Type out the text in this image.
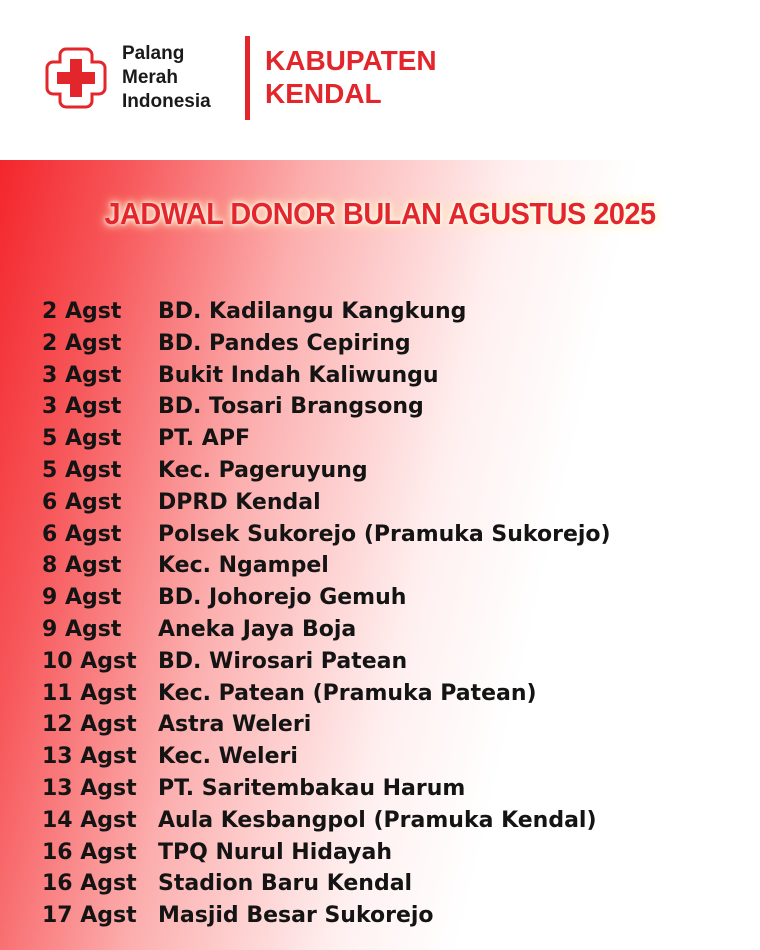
Palang
Merah
Indonesia
KABUPATEN
KENDAL
JADWAL DONOR BULAN AGUSTUS 2025
2 Agst BD. Kadilangu Kangkung
2 Agst BD. Pandes Cepiring
3 Agst Bukit Indah Kaliwungu
3 Agst BD. Tosari Brangsong
5 Agst PT. APF
5 Agst Kec. Pageruyung
6 Agst DPRD Kendal
6 Agst Polsek Sukorejo (Pramuka Sukorejo)
8 Agst Kec. Ngampel
9 Agst BD. Johorejo Gemuh
9 Agst Aneka Jaya Boja
10 Agst BD. Wirosari Patean
11 Agst Kec. Patean (Pramuka Patean)
12 Agst Astra Weleri
13 Agst Kec. Weleri
13 Agst PT. Saritembakau Harum
14 Agst Aula Kesbangpol (Pramuka Kendal)
16 Agst TPQ Nurul Hidayah
16 Agst Stadion Baru Kendal
17 Agst Masjid Besar Sukorejo
